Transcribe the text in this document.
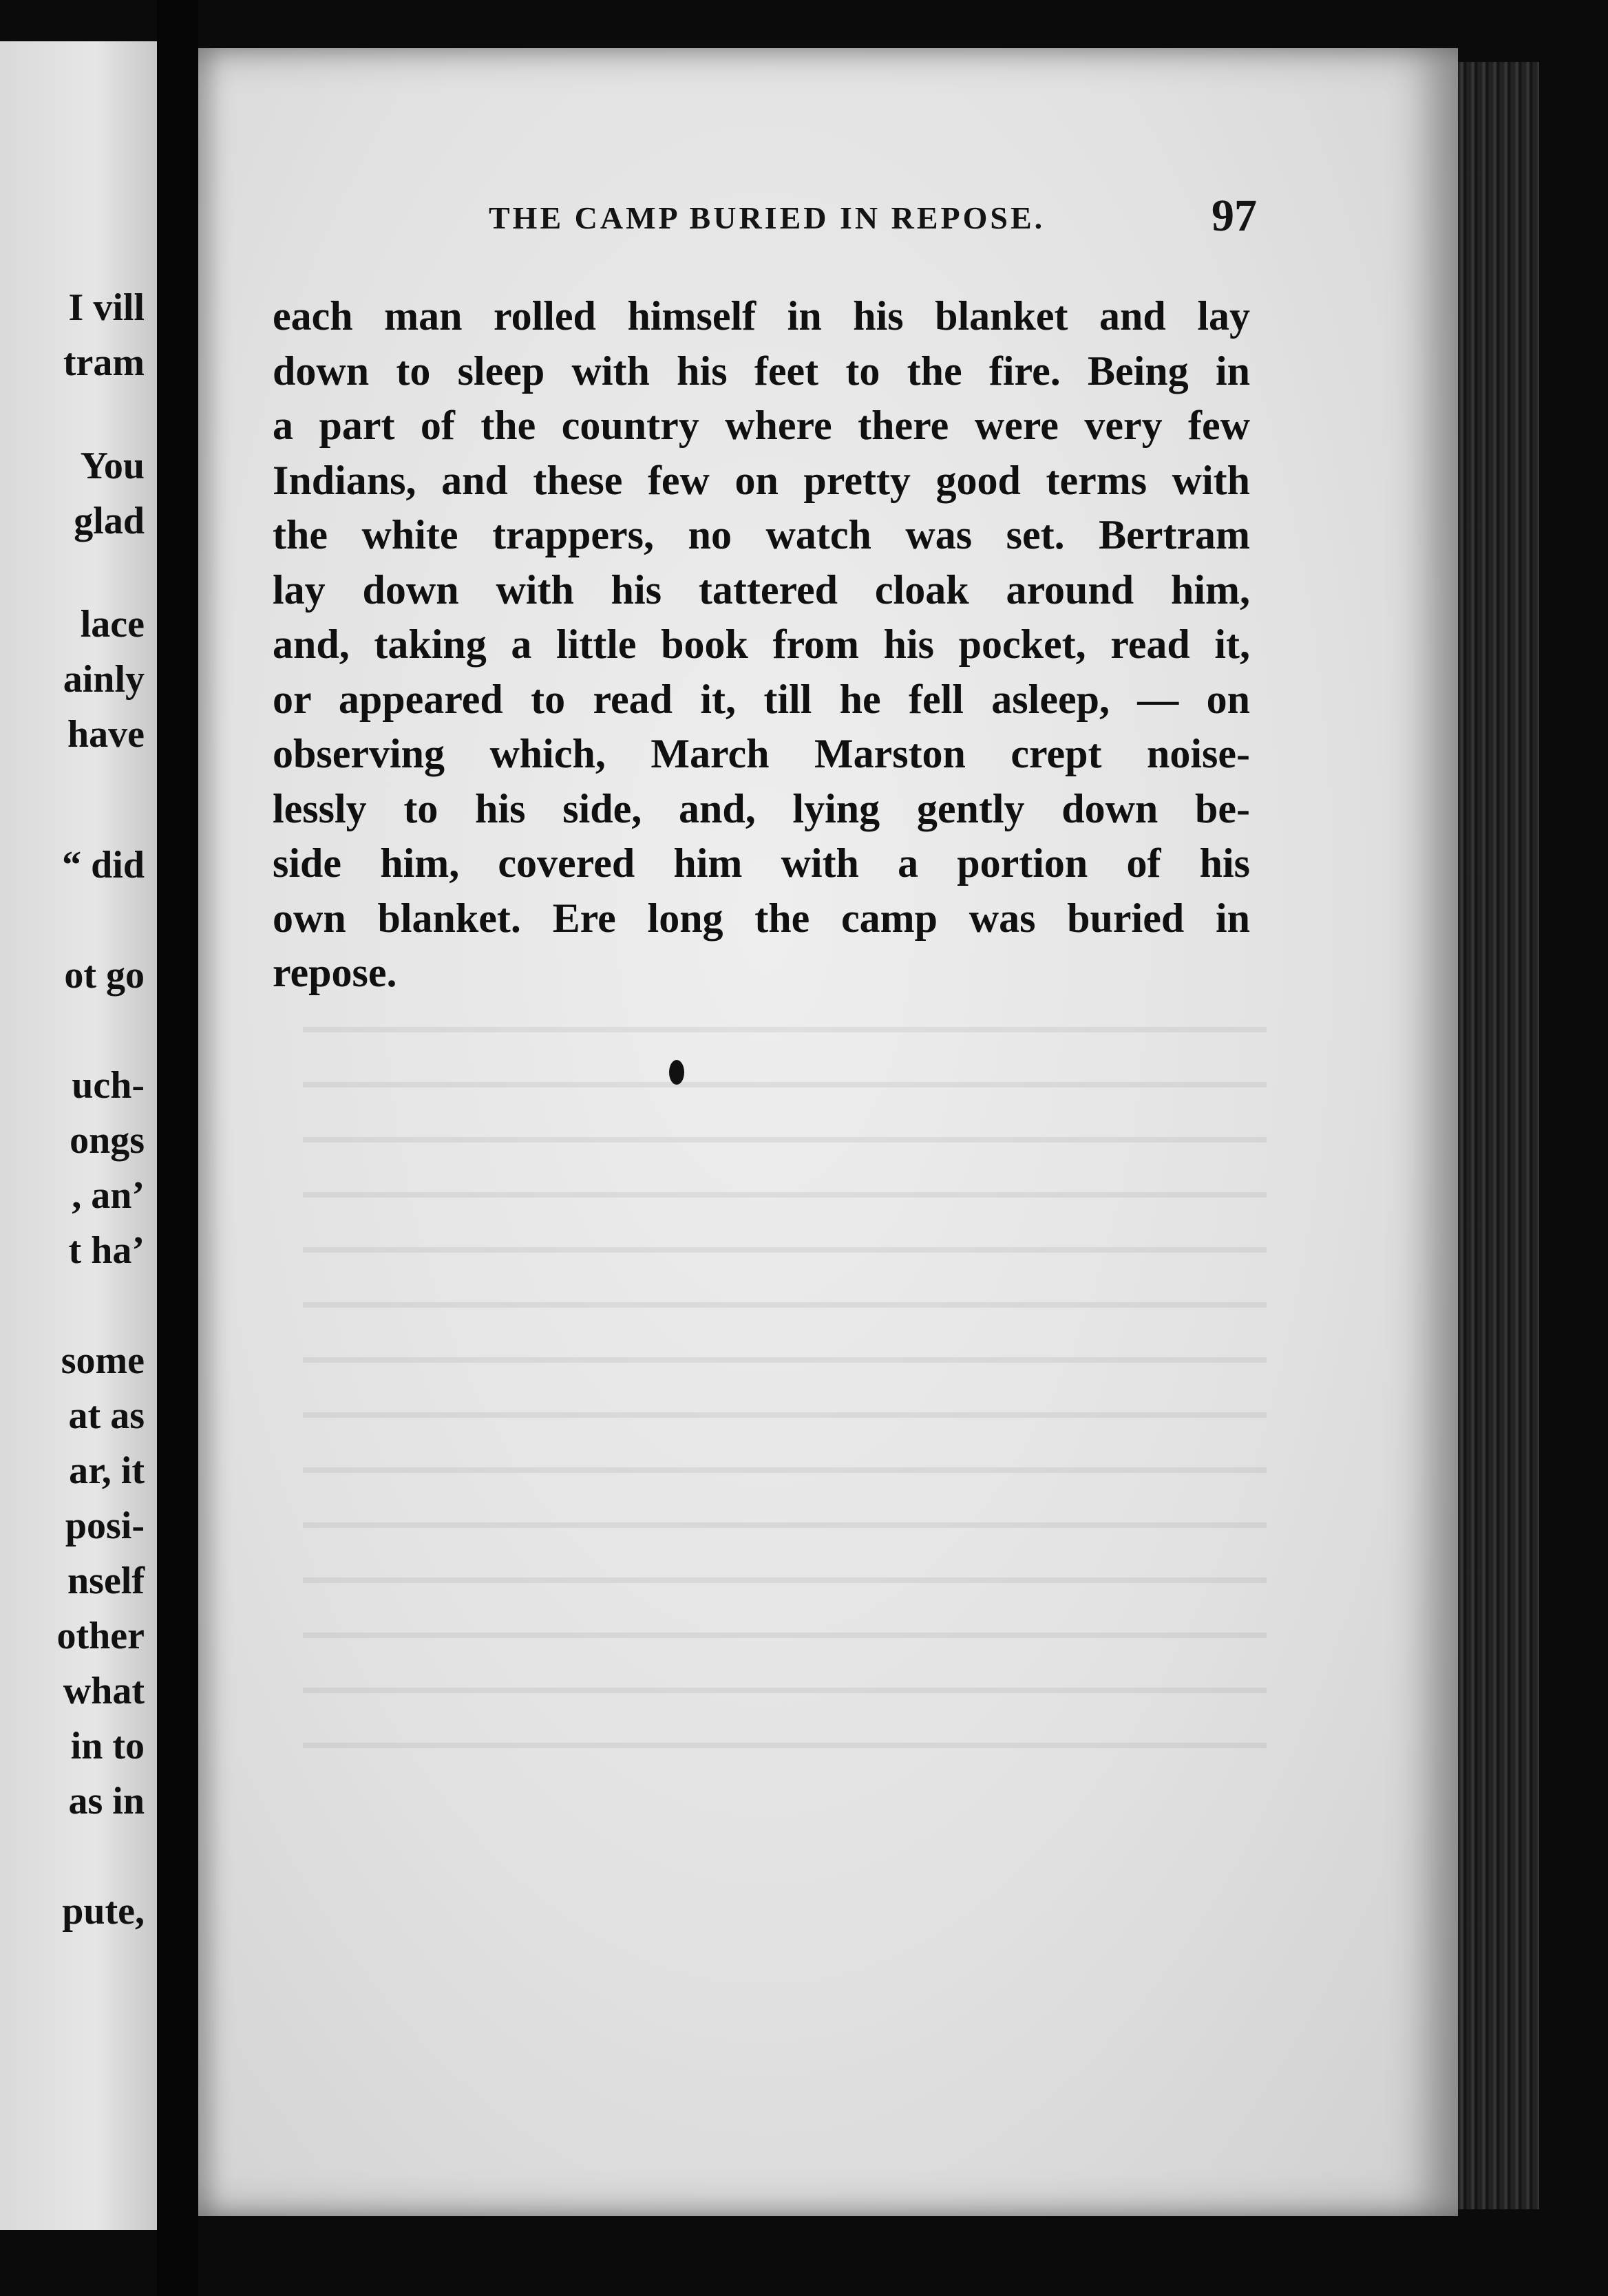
I vill
tram
You
glad
lace
ainly
have
“ did
ot go
uch-
ongs
, an’
t ha’
some
at as
ar, it
posi-
nself
other
what
in to
as in
pute,
THE CAMP BURIED IN REPOSE.	97
each man rolled himself in his blanket and lay
down to sleep with his feet to the fire. Being in
a part of the country where there were very few
Indians, and these few on pretty good terms with
the white trappers, no watch was set. Bertram
lay down with his tattered cloak around him,
and, taking a little book from his pocket, read it,
or appeared to read it, till he fell asleep, — on
observing which, March Marston crept noise-
lessly to his side, and, lying gently down be-
side him, covered him with a portion of his
own blanket. Ere long the camp was buried in
repose.
